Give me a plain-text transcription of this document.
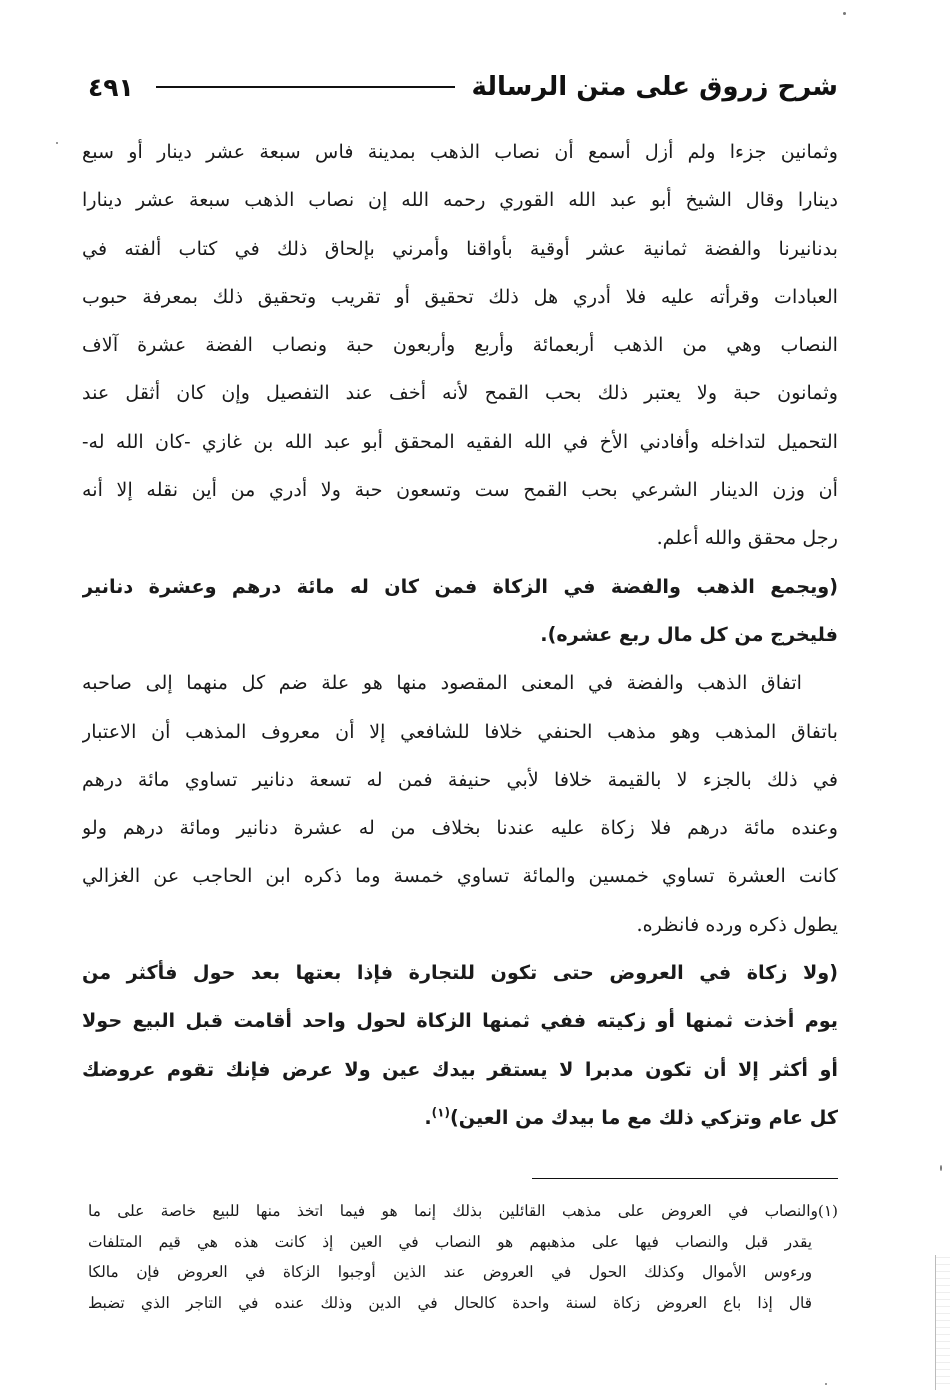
شرح زروق على متن الرسالة
٤٩١
وثمانين جزءا ولم أزل أسمع أن نصاب الذهب بمدينة فاس سبعة عشر دينار أو سبع
دينارا وقال الشيخ أبو عبد الله القوري رحمه الله إن نصاب الذهب سبعة عشر دينارا
بدنانيرنا والفضة ثمانية عشر أوقية بأواقنا وأمرني بإلحاق ذلك في كتاب ألفته في
العبادات وقرأته عليه فلا أدري هل ذلك تحقيق أو تقريب وتحقيق ذلك بمعرفة حبوب
النصاب وهي من الذهب أربعمائة وأربع وأربعون حبة ونصاب الفضة عشرة آلاف
وثمانون حبة ولا يعتبر ذلك بحب القمح لأنه أخف عند التفصيل وإن كان أثقل عند
التحميل لتداخله وأفادني الأخ في الله الفقيه المحقق أبو عبد الله بن غازي -كان الله له-
أن وزن الدينار الشرعي بحب القمح ست وتسعون حبة ولا أدري من أين نقله إلا أنه
رجل محقق والله أعلم.
(ويجمع الذهب والفضة في الزكاة فمن كان له مائة درهم وعشرة دنانير
فليخرج من كل مال ربع عشره).
اتفاق الذهب والفضة في المعنى المقصود منها هو علة ضم كل منهما إلى صاحبه
باتفاق المذهب وهو مذهب الحنفي خلافا للشافعي إلا أن معروف المذهب أن الاعتبار
في ذلك بالجزء لا بالقيمة خلافا لأبي حنيفة فمن له تسعة دنانير تساوي مائة درهم
وعنده مائة درهم فلا زكاة عليه عندنا بخلاف من له عشرة دنانير ومائة درهم ولو
كانت العشرة تساوي خمسين والمائة تساوي خمسة وما ذكره ابن الحاجب عن الغزالي
يطول ذكره ورده فانظره.
(ولا زكاة في العروض حتى تكون للتجارة فإذا بعتها بعد حول فأكثر من
يوم أخذت ثمنها أو زكيته ففي ثمنها الزكاة لحول واحد أقامت قبل البيع حولا
أو أكثر إلا أن تكون مدبرا لا يستقر بيدك عين ولا عرض فإنك تقوم عروضك
كل عام وتزكي ذلك مع ما بيدك من العين)$^{(١)}$.
(١)والنصاب في العروض على مذهب القائلين بذلك إنما هو فيما اتخذ منها للبيع خاصة على ما
يقدر قبل والنصاب فيها على مذهبهم هو النصاب في العين إذ كانت هذه هي قيم المتلفات
ورءوس الأموال وكذلك الحول في العروض عند الذين أوجبوا الزكاة في العروض فإن مالكا
قال إذا باع العروض زكاة لسنة واحدة كالحال في الدين وذلك عنده في التاجر الذي تضبط
